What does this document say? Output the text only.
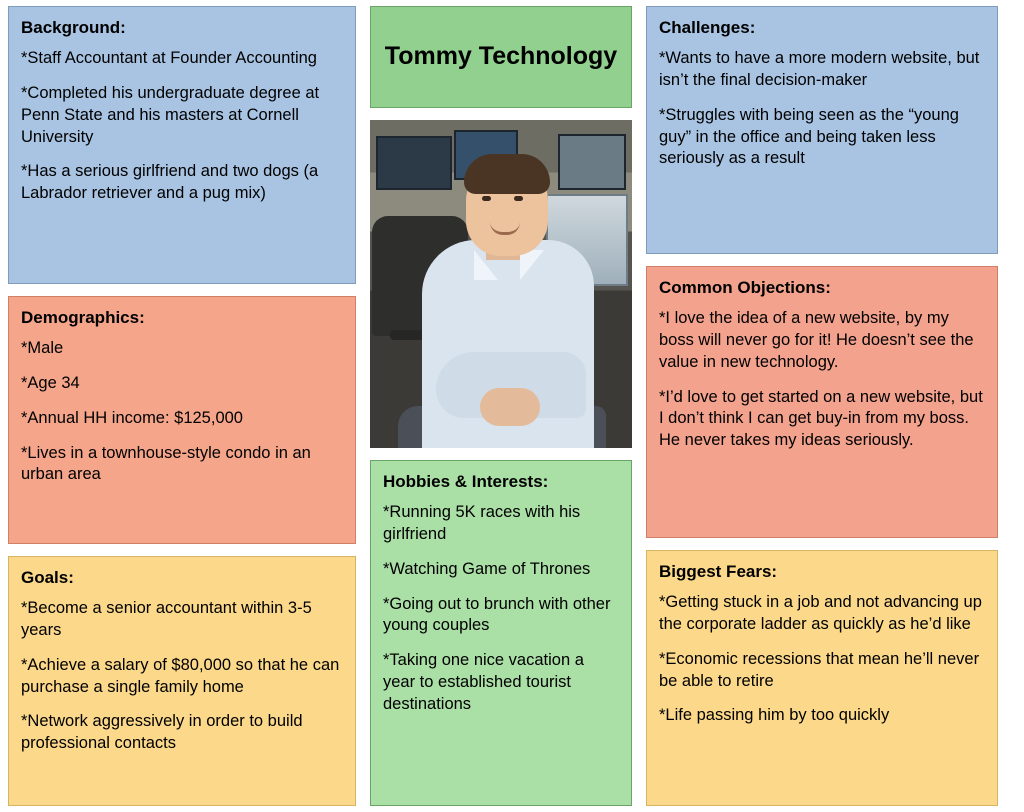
Background:

*Staff Accountant at Founder Accounting

*Completed his undergraduate degree at Penn State and his masters at Cornell University

*Has a serious girlfriend and two dogs (a Labrador retriever and a pug mix)

Demographics:

*Male

*Age 34

*Annual HH income: $125,000

*Lives in a townhouse-style condo in an urban area

Goals:

*Become a senior accountant within 3-5 years

*Achieve a salary of $80,000 so that he can purchase a single family home

*Network aggressively in order to build professional contacts

Tommy Technology
Hobbies & Interests:

*Running 5K races with his girlfriend

*Watching Game of Thrones

*Going out to brunch with other young couples

*Taking one nice vacation a year to established tourist destinations

Challenges:

*Wants to have a more modern website, but isn’t the final decision-maker

*Struggles with being seen as the “young guy” in the office and being taken less seriously as a result

Common Objections:

*I love the idea of a new website, by my boss will never go for it! He doesn’t see the value in new technology.

*I’d love to get started on a new website, but I don’t think I can get buy-in from my boss. He never takes my ideas seriously.

Biggest Fears:

*Getting stuck in a job and not advancing up the corporate ladder as quickly as he’d like

*Economic recessions that mean he’ll never be able to retire

*Life passing him by too quickly
